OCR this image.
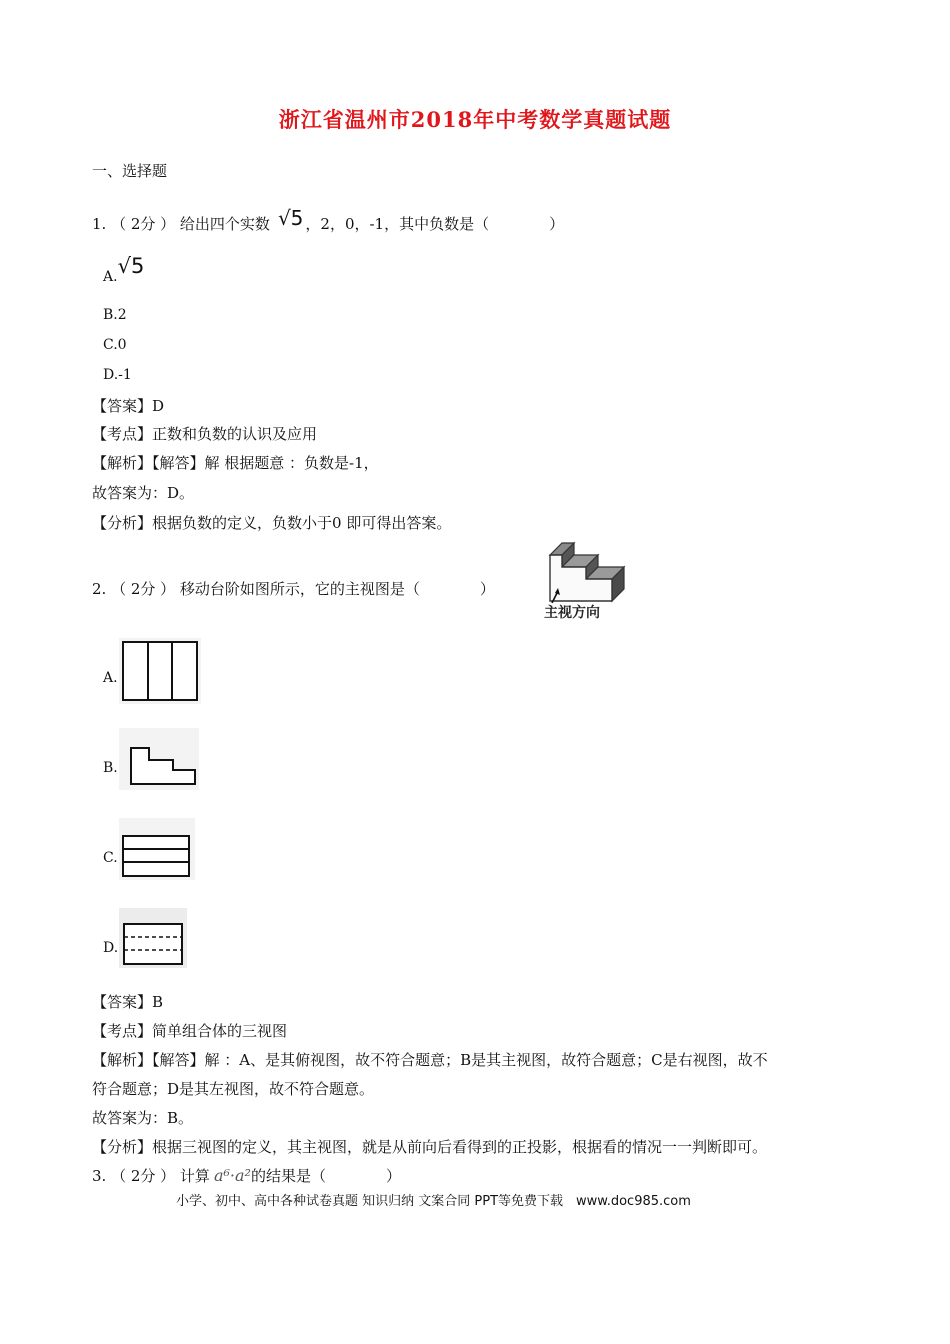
浙江省温州市2018年中考数学真题试题
一、选择题
1. （ 2分 ） 给出四个实数 √5 ，2，0，-1，其中负数是（　　　　）
A.√5
B.2
C.0
D.-1
【答案】D
【考点】正数和负数的认识及应用
【解析】【解答】解 根据题意 ：负数是-1，
故答案为：D。
【分析】根据负数的定义，负数小于0 即可得出答案。
2. （ 2分 ） 移动台阶如图所示，它的主视图是（　　　　）
主视方向
A.
B.
C.
D.
【答案】B
【考点】简单组合体的三视图
【解析】【解答】解 ：A、是其俯视图，故不符合题意；B是其主视图，故符合题意；C是右视图，故不
符合题意；D是其左视图，故不符合题意。
故答案为：B。
【分析】根据三视图的定义，其主视图，就是从前向后看得到的正投影，根据看的情况一一判断即可。
3. （ 2分 ） 计算 a⁶·a²的结果是（　　　　）
小学、初中、高中各种试卷真题 知识归纳 文案合同 PPT等免费下载　www.doc985.com
